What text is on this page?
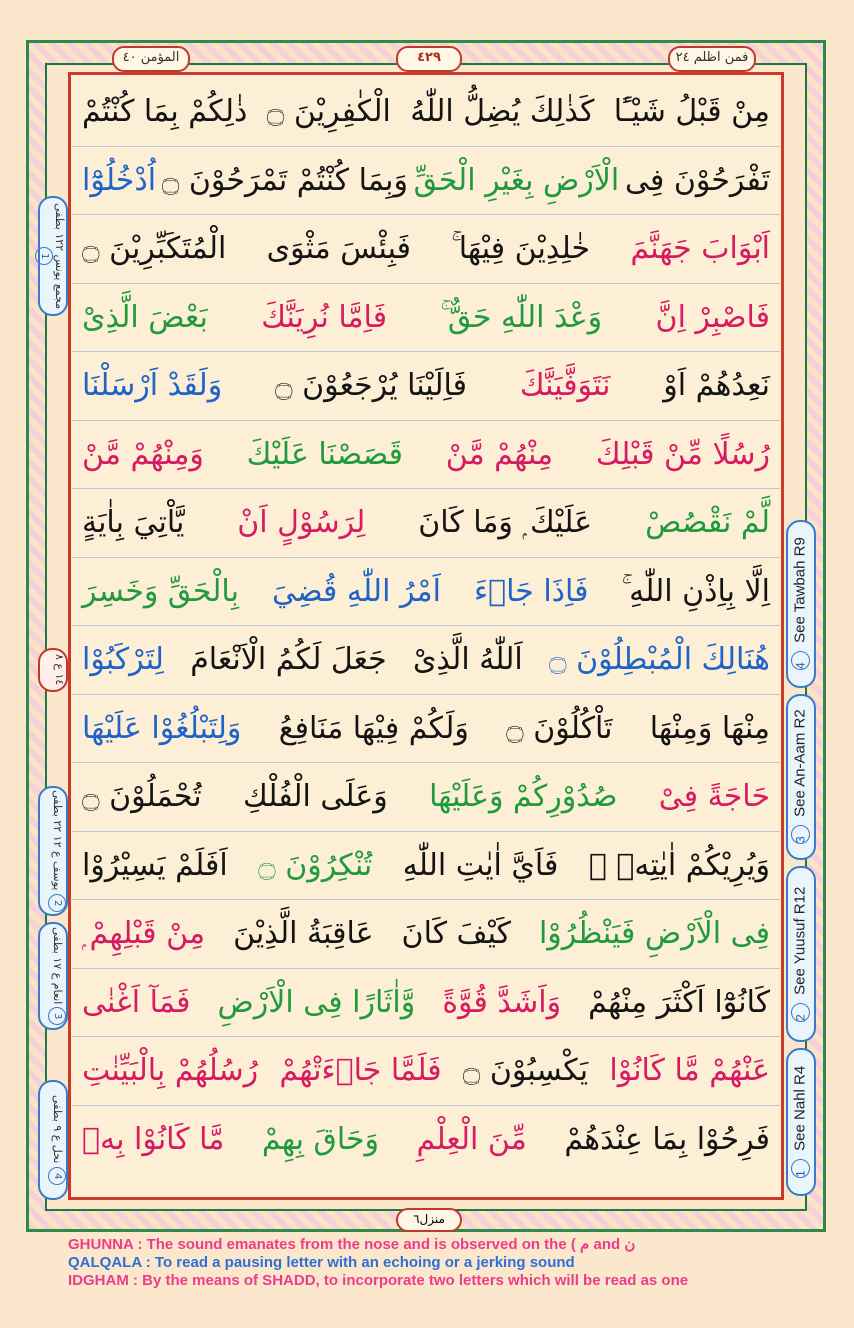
المؤمن ٤٠	٤٢٩	فمن اظلم ٢٤
مِنْ قَبْلُ شَيْـًٔا
كَذٰلِكَ يُضِلُّ اللّٰهُ
الْكٰفِرِيْنَ ۝
ذٰلِكُمْ بِمَا كُنْتُمْ
تَفْرَحُوْنَ فِى
الْاَرْضِ بِغَيْرِ الْحَقِّ
وَبِمَا كُنْتُمْ تَمْرَحُوْنَ ۝
اُدْخُلُوْٓا
اَبْوَابَ جَهَنَّمَ
خٰلِدِيْنَ فِيْهَا ۚ
فَبِئْسَ مَثْوَى
الْمُتَكَبِّرِيْنَ ۝
فَاصْبِرْ اِنَّ
وَعْدَ اللّٰهِ حَقٌّ ۚ
فَاِمَّا نُرِيَنَّكَ
بَعْضَ الَّذِىْ
نَعِدُهُمْ اَوْ
نَتَوَفَّيَنَّكَ
فَاِلَيْنَا يُرْجَعُوْنَ ۝
وَلَقَدْ اَرْسَلْنَا
رُسُلًا مِّنْ قَبْلِكَ
مِنْهُمْ مَّنْ
قَصَصْنَا عَلَيْكَ
وَمِنْهُمْ مَّنْ
لَّمْ نَقْصُصْ
عَلَيْكَ ۭ وَمَا كَانَ
لِرَسُوْلٍ اَنْ
يَّاْتِيَ بِاٰيَةٍ
اِلَّا بِاِذْنِ اللّٰهِ ۚ
فَاِذَا جَاۗءَ
اَمْرُ اللّٰهِ قُضِيَ
بِالْحَقِّ وَخَسِرَ
هُنَالِكَ الْمُبْطِلُوْنَ ۝
اَللّٰهُ الَّذِىْ
جَعَلَ لَكُمُ الْاَنْعَامَ
لِتَرْكَبُوْا
مِنْهَا وَمِنْهَا
تَاْكُلُوْنَ ۝
وَلَكُمْ فِيْهَا مَنَافِعُ
وَلِتَبْلُغُوْا عَلَيْهَا
حَاجَةً فِىْ
صُدُوْرِكُمْ وَعَلَيْهَا
وَعَلَى الْفُلْكِ
تُحْمَلُوْنَ ۝
وَيُرِيْكُمْ اٰيٰتِهٖ ۖ
فَاَيَّ اٰيٰتِ اللّٰهِ
تُنْكِرُوْنَ ۝
اَفَلَمْ يَسِيْرُوْا
فِى الْاَرْضِ فَيَنْظُرُوْا
كَيْفَ كَانَ
عَاقِبَةُ الَّذِيْنَ
مِنْ قَبْلِهِمْ ۭ
كَانُوْٓا اَكْثَرَ مِنْهُمْ
وَاَشَدَّ قُوَّةً
وَّاٰثَارًا فِى الْاَرْضِ
فَمَآ اَغْنٰى
عَنْهُمْ مَّا كَانُوْا
يَكْسِبُوْنَ ۝
فَلَمَّا جَاۗءَتْهُمْ
رُسُلُهُمْ بِالْبَيِّنٰتِ
فَرِحُوْا بِمَا عِنْدَهُمْ
مِّنَ الْعِلْمِ
وَحَاقَ بِهِمْ
مَّا كَانُوْا بِهٖ
مجمع يونس ١٢٢ بطفى 1
١٤ ع ٨
يوسف ع ١٢ ٢٢ بطفى 2
انعام ع ١٧ بطفى 3
نحل ع ٩ بطفى 4
4 See Tawbah R9
3 See An-Aam R2
2 See Yuusuf R12
1 See Nahl R4
منزل٦
GHUNNA : The sound emanates from the nose and is observed on the ( م and ن
QALQALA : To read a pausing letter with an echoing or a jerking sound
IDGHAM : By the means of SHADD, to incorporate two letters which will be read as one
